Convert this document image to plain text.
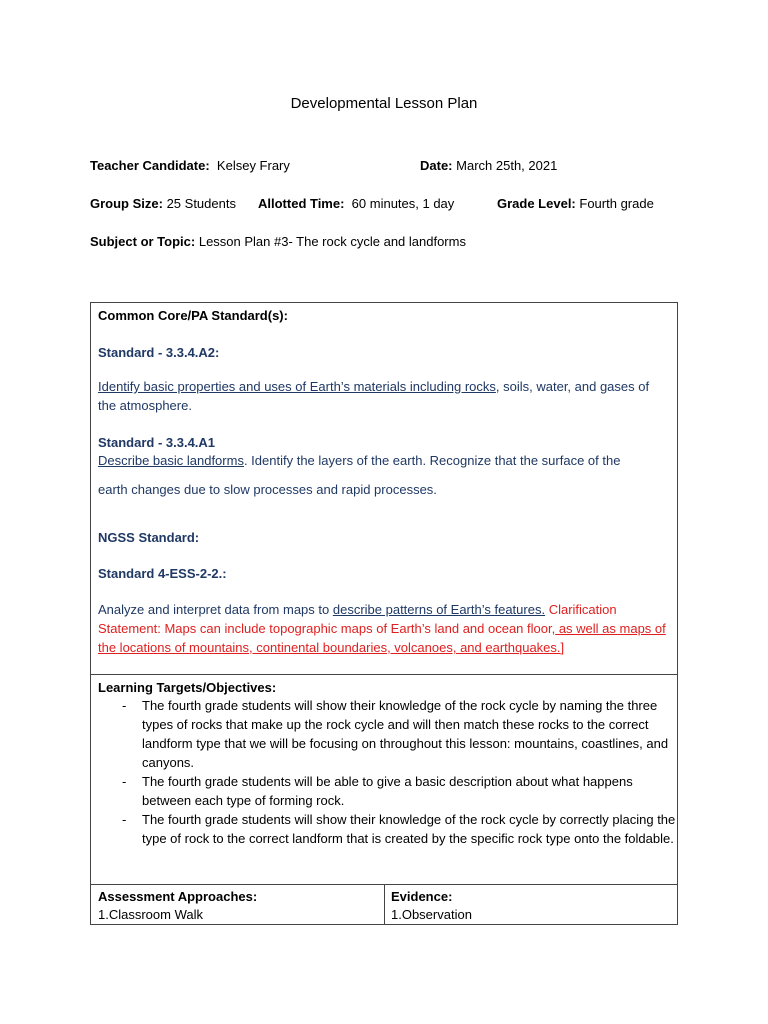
Developmental Lesson Plan
Teacher Candidate: Kelsey Frary	Date: March 25th, 2021
Group Size: 25 Students Allotted Time: 60 minutes, 1 day	Grade Level: Fourth grade
Subject or Topic: Lesson Plan #3- The rock cycle and landforms
Common Core/PA Standard(s):
Standard - 3.3.4.A2:
Identify basic properties and uses of Earth’s materials including rocks, soils, water, and gases of the atmosphere.
Standard - 3.3.4.A1
Describe basic landforms. Identify the layers of the earth. Recognize that the surface of the
earth changes due to slow processes and rapid processes.
NGSS Standard:
Standard 4-ESS-2-2.:
Analyze and interpret data from maps to describe patterns of Earth’s features. Clarification Statement: Maps can include topographic maps of Earth’s land and ocean floor, as well as maps of the locations of mountains, continental boundaries, volcanoes, and earthquakes.]
Learning Targets/Objectives:
- The fourth grade students will show their knowledge of the rock cycle by naming the three types of rocks that make up the rock cycle and will then match these rocks to the correct landform type that we will be focusing on throughout this lesson: mountains, coastlines, and canyons.
- The fourth grade students will be able to give a basic description about what happens between each type of forming rock.
- The fourth grade students will show their knowledge of the rock cycle by correctly placing the type of rock to the correct landform that is created by the specific rock type onto the foldable.
Assessment Approaches:
1.Classroom Walk
Evidence:
1.Observation
